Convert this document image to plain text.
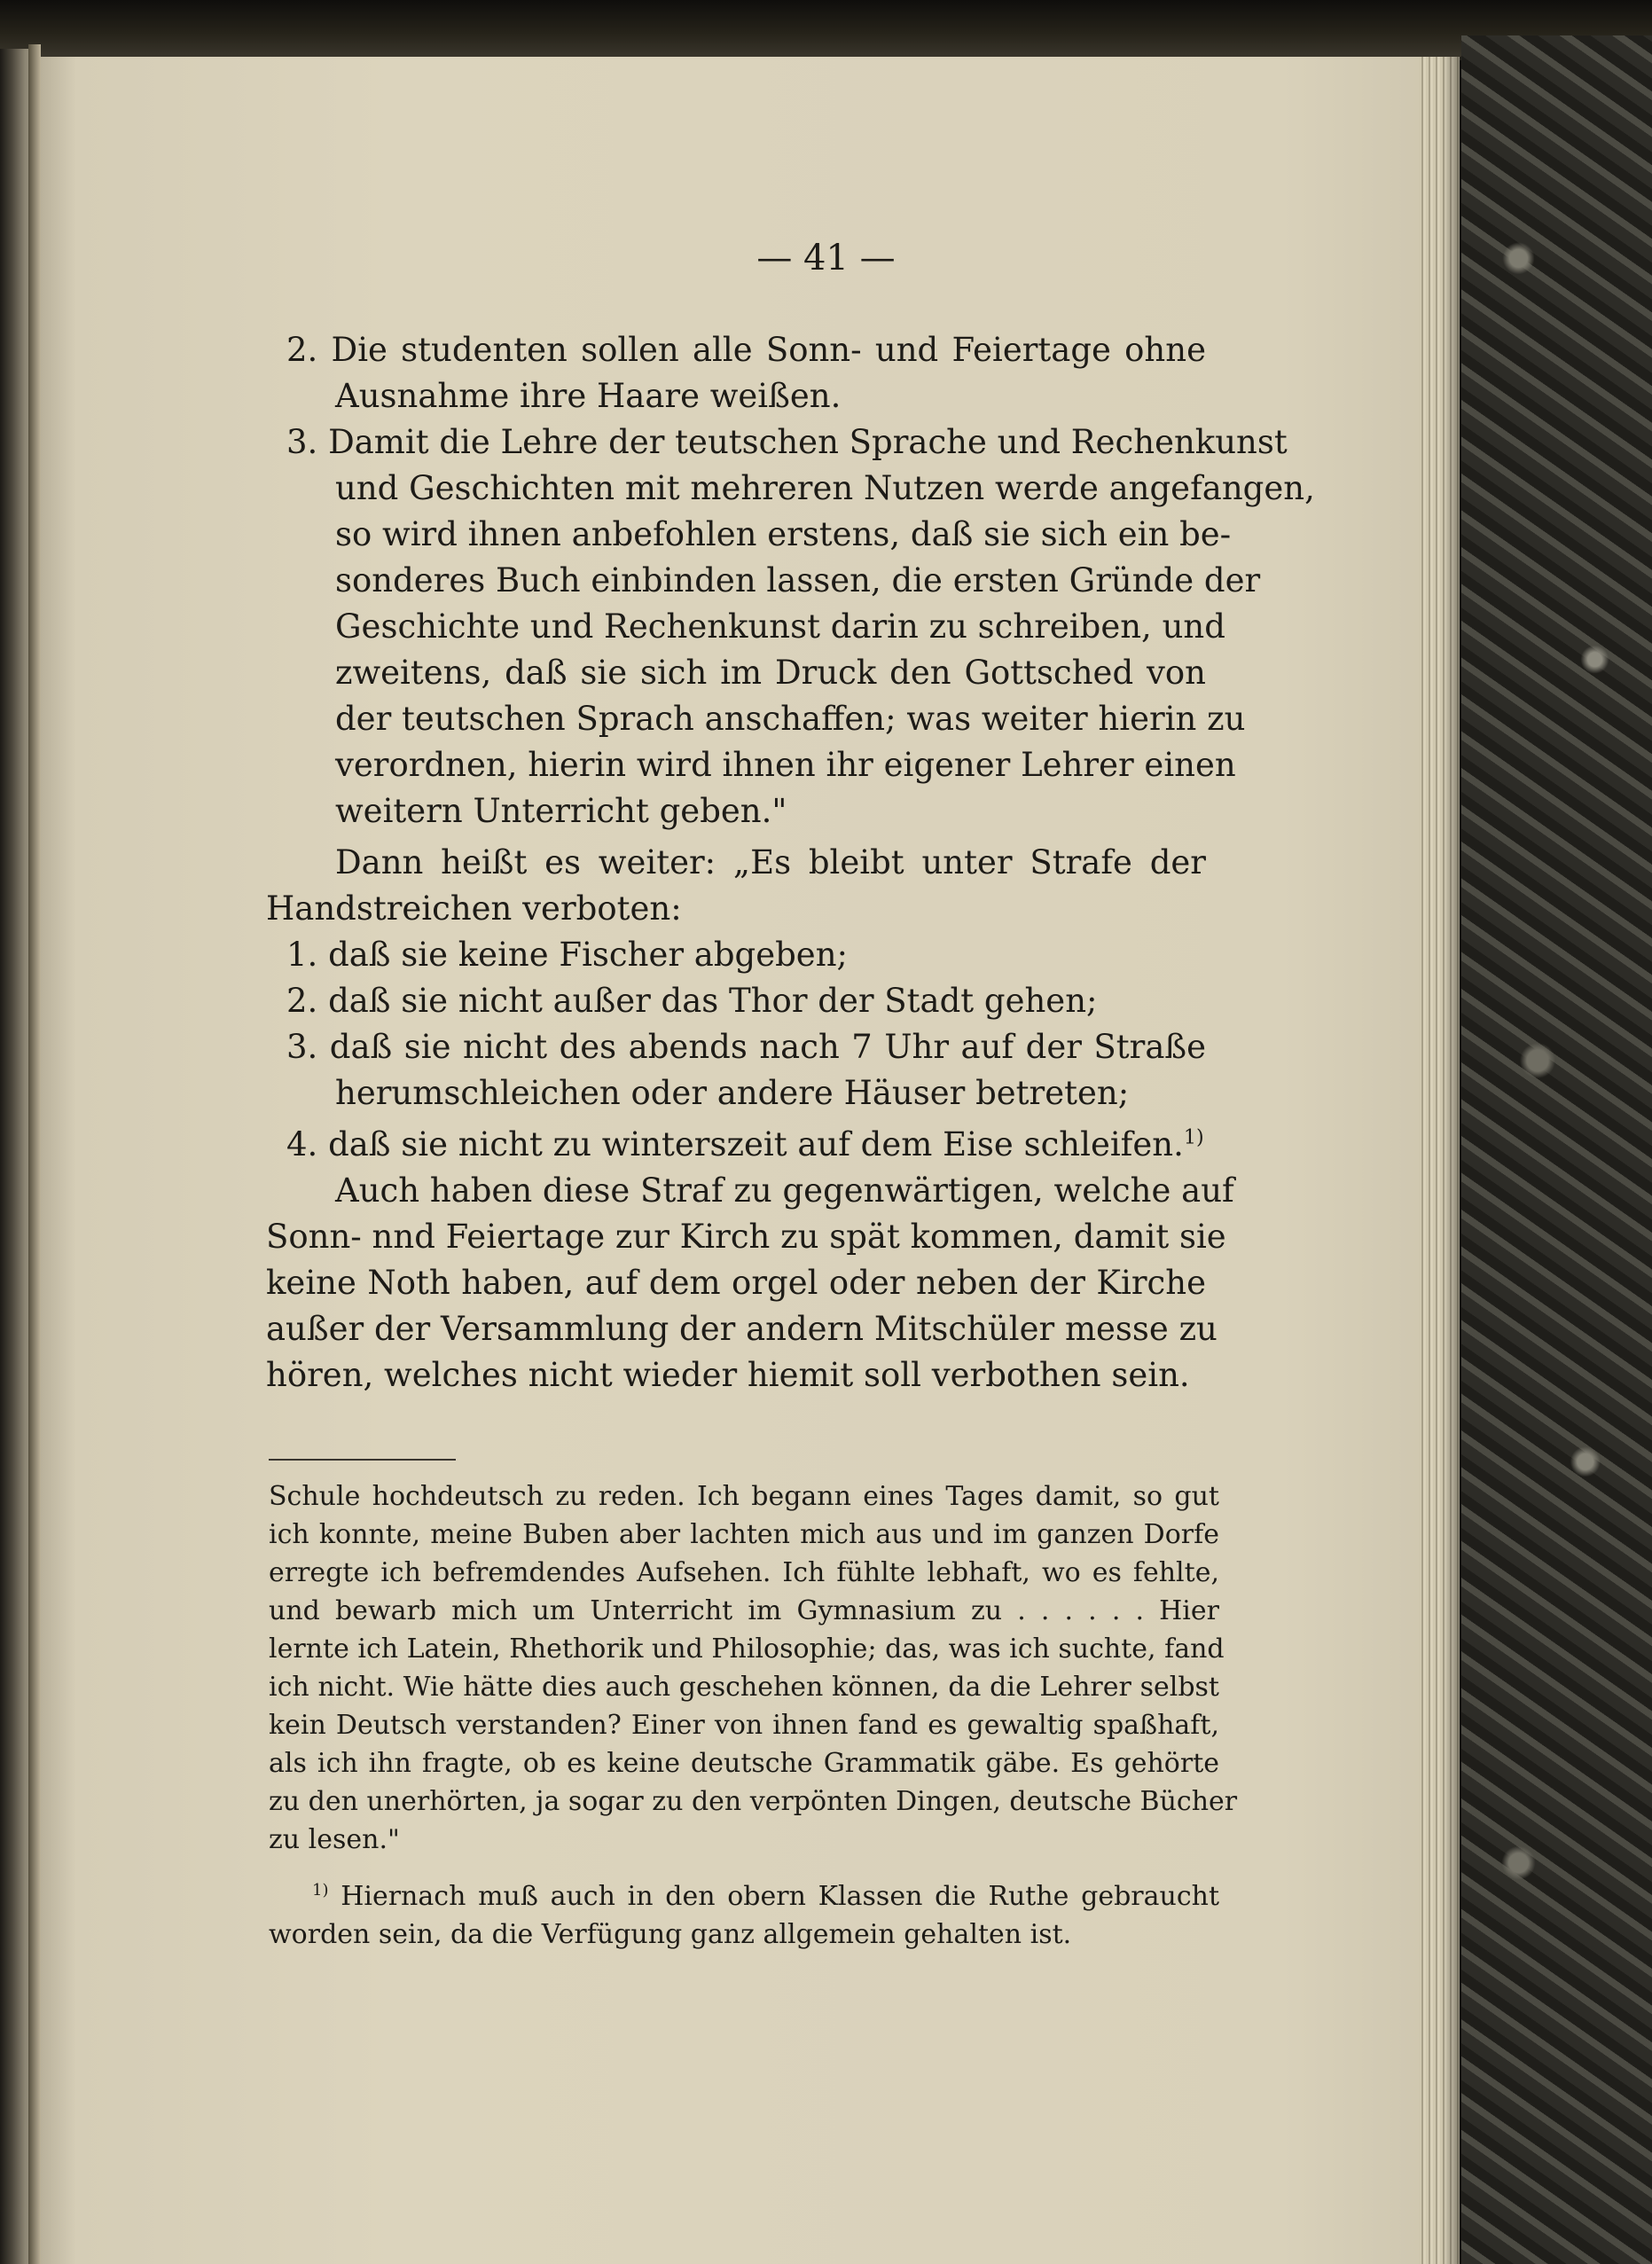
— 41 —
2. Die studenten sollen alle Sonn- und Feiertage ohne
Ausnahme ihre Haare weißen.
3. Damit die Lehre der teutschen Sprache und Rechenkunst
und Geschichten mit mehreren Nutzen werde angefangen,
so wird ihnen anbefohlen erstens, daß sie sich ein be-
sonderes Buch einbinden lassen, die ersten Gründe der
Geschichte und Rechenkunst darin zu schreiben, und
zweitens, daß sie sich im Druck den Gottsched von
der teutschen Sprach anschaffen; was weiter hierin zu
verordnen, hierin wird ihnen ihr eigener Lehrer einen
weitern Unterricht geben."
Dann heißt es weiter: „Es bleibt unter Strafe der
Handstreichen verboten:
1. daß sie keine Fischer abgeben;
2. daß sie nicht außer das Thor der Stadt gehen;
3. daß sie nicht des abends nach 7 Uhr auf der Straße
herumschleichen oder andere Häuser betreten;
4. daß sie nicht zu winterszeit auf dem Eise schleifen.$^{1)}$
Auch haben diese Straf zu gegenwärtigen, welche auf
Sonn- nnd Feiertage zur Kirch zu spät kommen, damit sie
keine Noth haben, auf dem orgel oder neben der Kirche
außer der Versammlung der andern Mitschüler messe zu
hören, welches nicht wieder hiemit soll verbothen sein.
Schule hochdeutsch zu reden. Ich begann eines Tages damit, so gut
ich konnte, meine Buben aber lachten mich aus und im ganzen Dorfe
erregte ich befremdendes Aufsehen. Ich fühlte lebhaft, wo es fehlte,
und bewarb mich um Unterricht im Gymnasium zu . . . . . . Hier
lernte ich Latein, Rhethorik und Philosophie; das, was ich suchte, fand
ich nicht. Wie hätte dies auch geschehen können, da die Lehrer selbst
kein Deutsch verstanden? Einer von ihnen fand es gewaltig spaßhaft,
als ich ihn fragte, ob es keine deutsche Grammatik gäbe. Es gehörte
zu den unerhörten, ja sogar zu den verpönten Dingen, deutsche Bücher
zu lesen."
$^{1)}$ Hiernach muß auch in den obern Klassen die Ruthe gebraucht
worden sein, da die Verfügung ganz allgemein gehalten ist.
